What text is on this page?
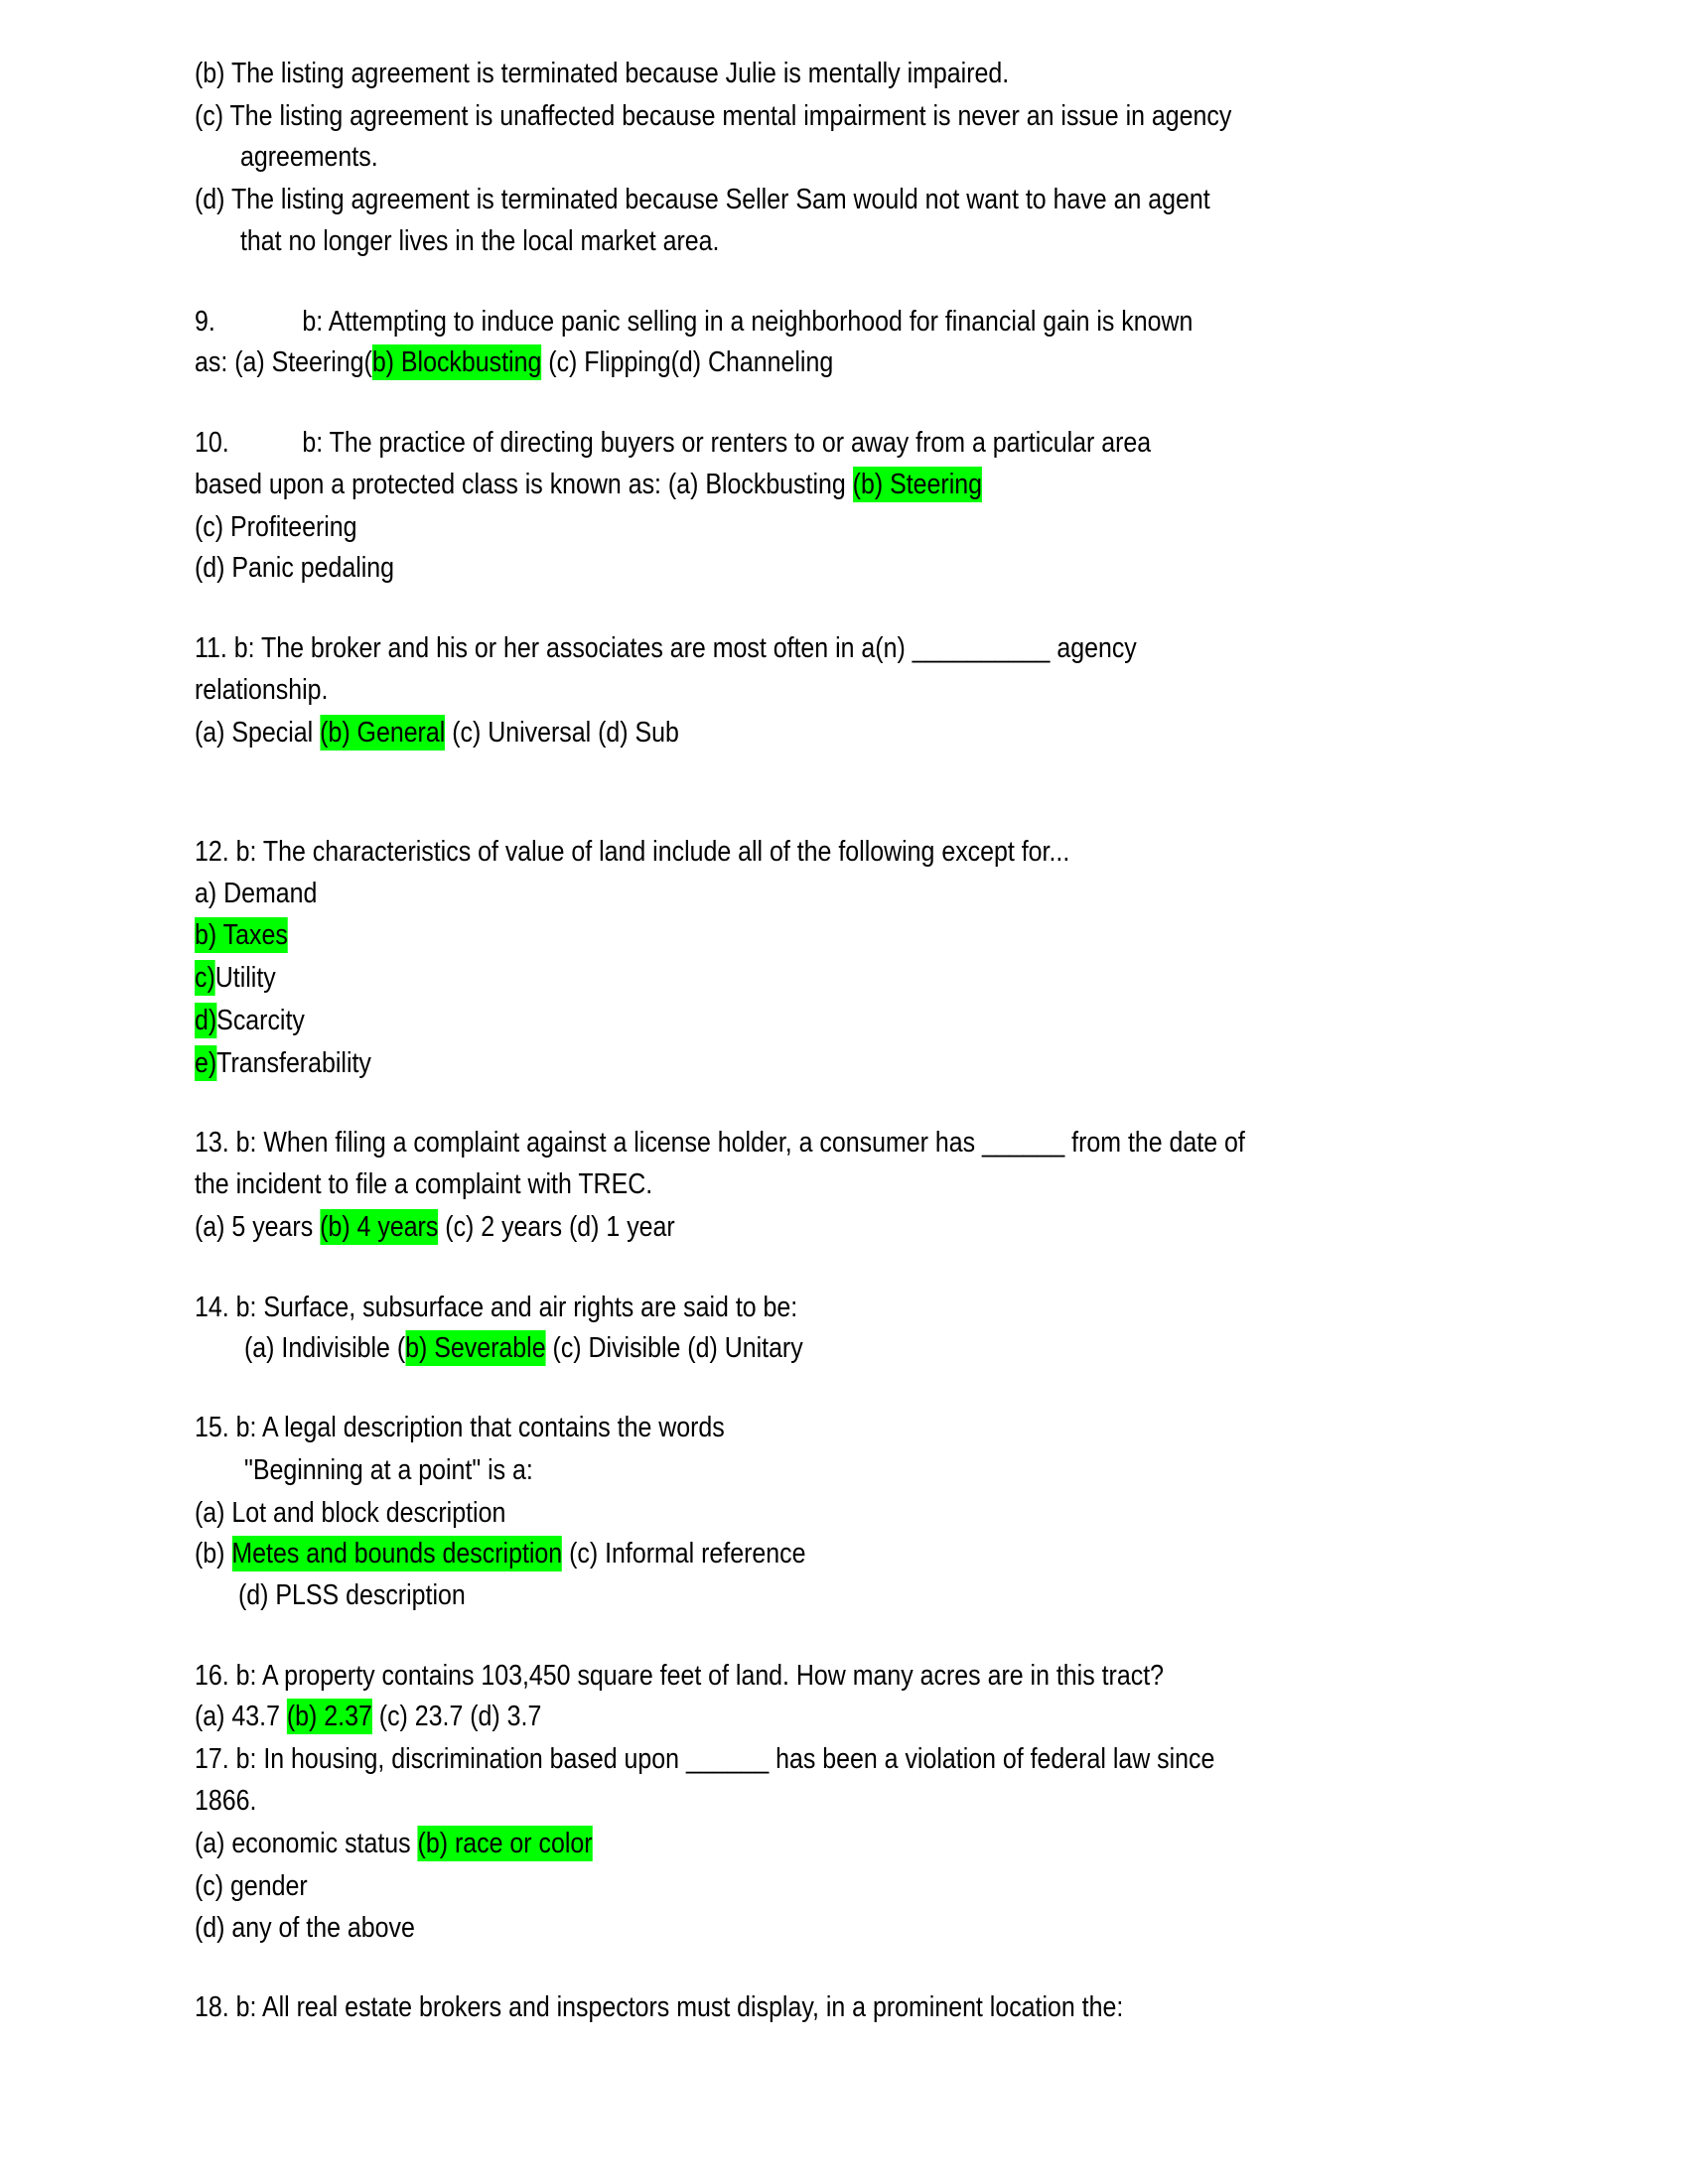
(b) The listing agreement is terminated because Julie is mentally impaired.
(c) The listing agreement is unaffected because mental impairment is never an issue in agency
agreements.
(d) The listing agreement is terminated because Seller Sam would not want to have an agent
that no longer lives in the local market area.
9.	b: Attempting to induce panic selling in a neighborhood for financial gain is known
as: (a) Steering(b) Blockbusting (c) Flipping(d) Channeling
10.	b: The practice of directing buyers or renters to or away from a particular area
based upon a protected class is known as: (a) Blockbusting (b) Steering
(c) Profiteering
(d) Panic pedaling
11. b: The broker and his or her associates are most often in a(n) __________ agency
relationship.
(a) Special (b) General (c) Universal (d) Sub
12. b: The characteristics of value of land include all of the following except for...
a) Demand
b) Taxes
c)Utility
d)Scarcity
e)Transferability
13. b: When filing a complaint against a license holder, a consumer has ______ from the date of
the incident to file a complaint with TREC.
(a) 5 years (b) 4 years (c) 2 years (d) 1 year
14. b: Surface, subsurface and air rights are said to be:
(a) Indivisible (b) Severable (c) Divisible (d) Unitary
15. b: A legal description that contains the words
"Beginning at a point" is a:
(a) Lot and block description
(b) Metes and bounds description (c) Informal reference
(d) PLSS description
16. b: A property contains 103,450 square feet of land. How many acres are in this tract?
(a) 43.7 (b) 2.37 (c) 23.7 (d) 3.7
17. b: In housing, discrimination based upon ______ has been a violation of federal law since
1866.
(a) economic status (b) race or color
(c) gender
(d) any of the above
18. b: All real estate brokers and inspectors must display, in a prominent location the:
